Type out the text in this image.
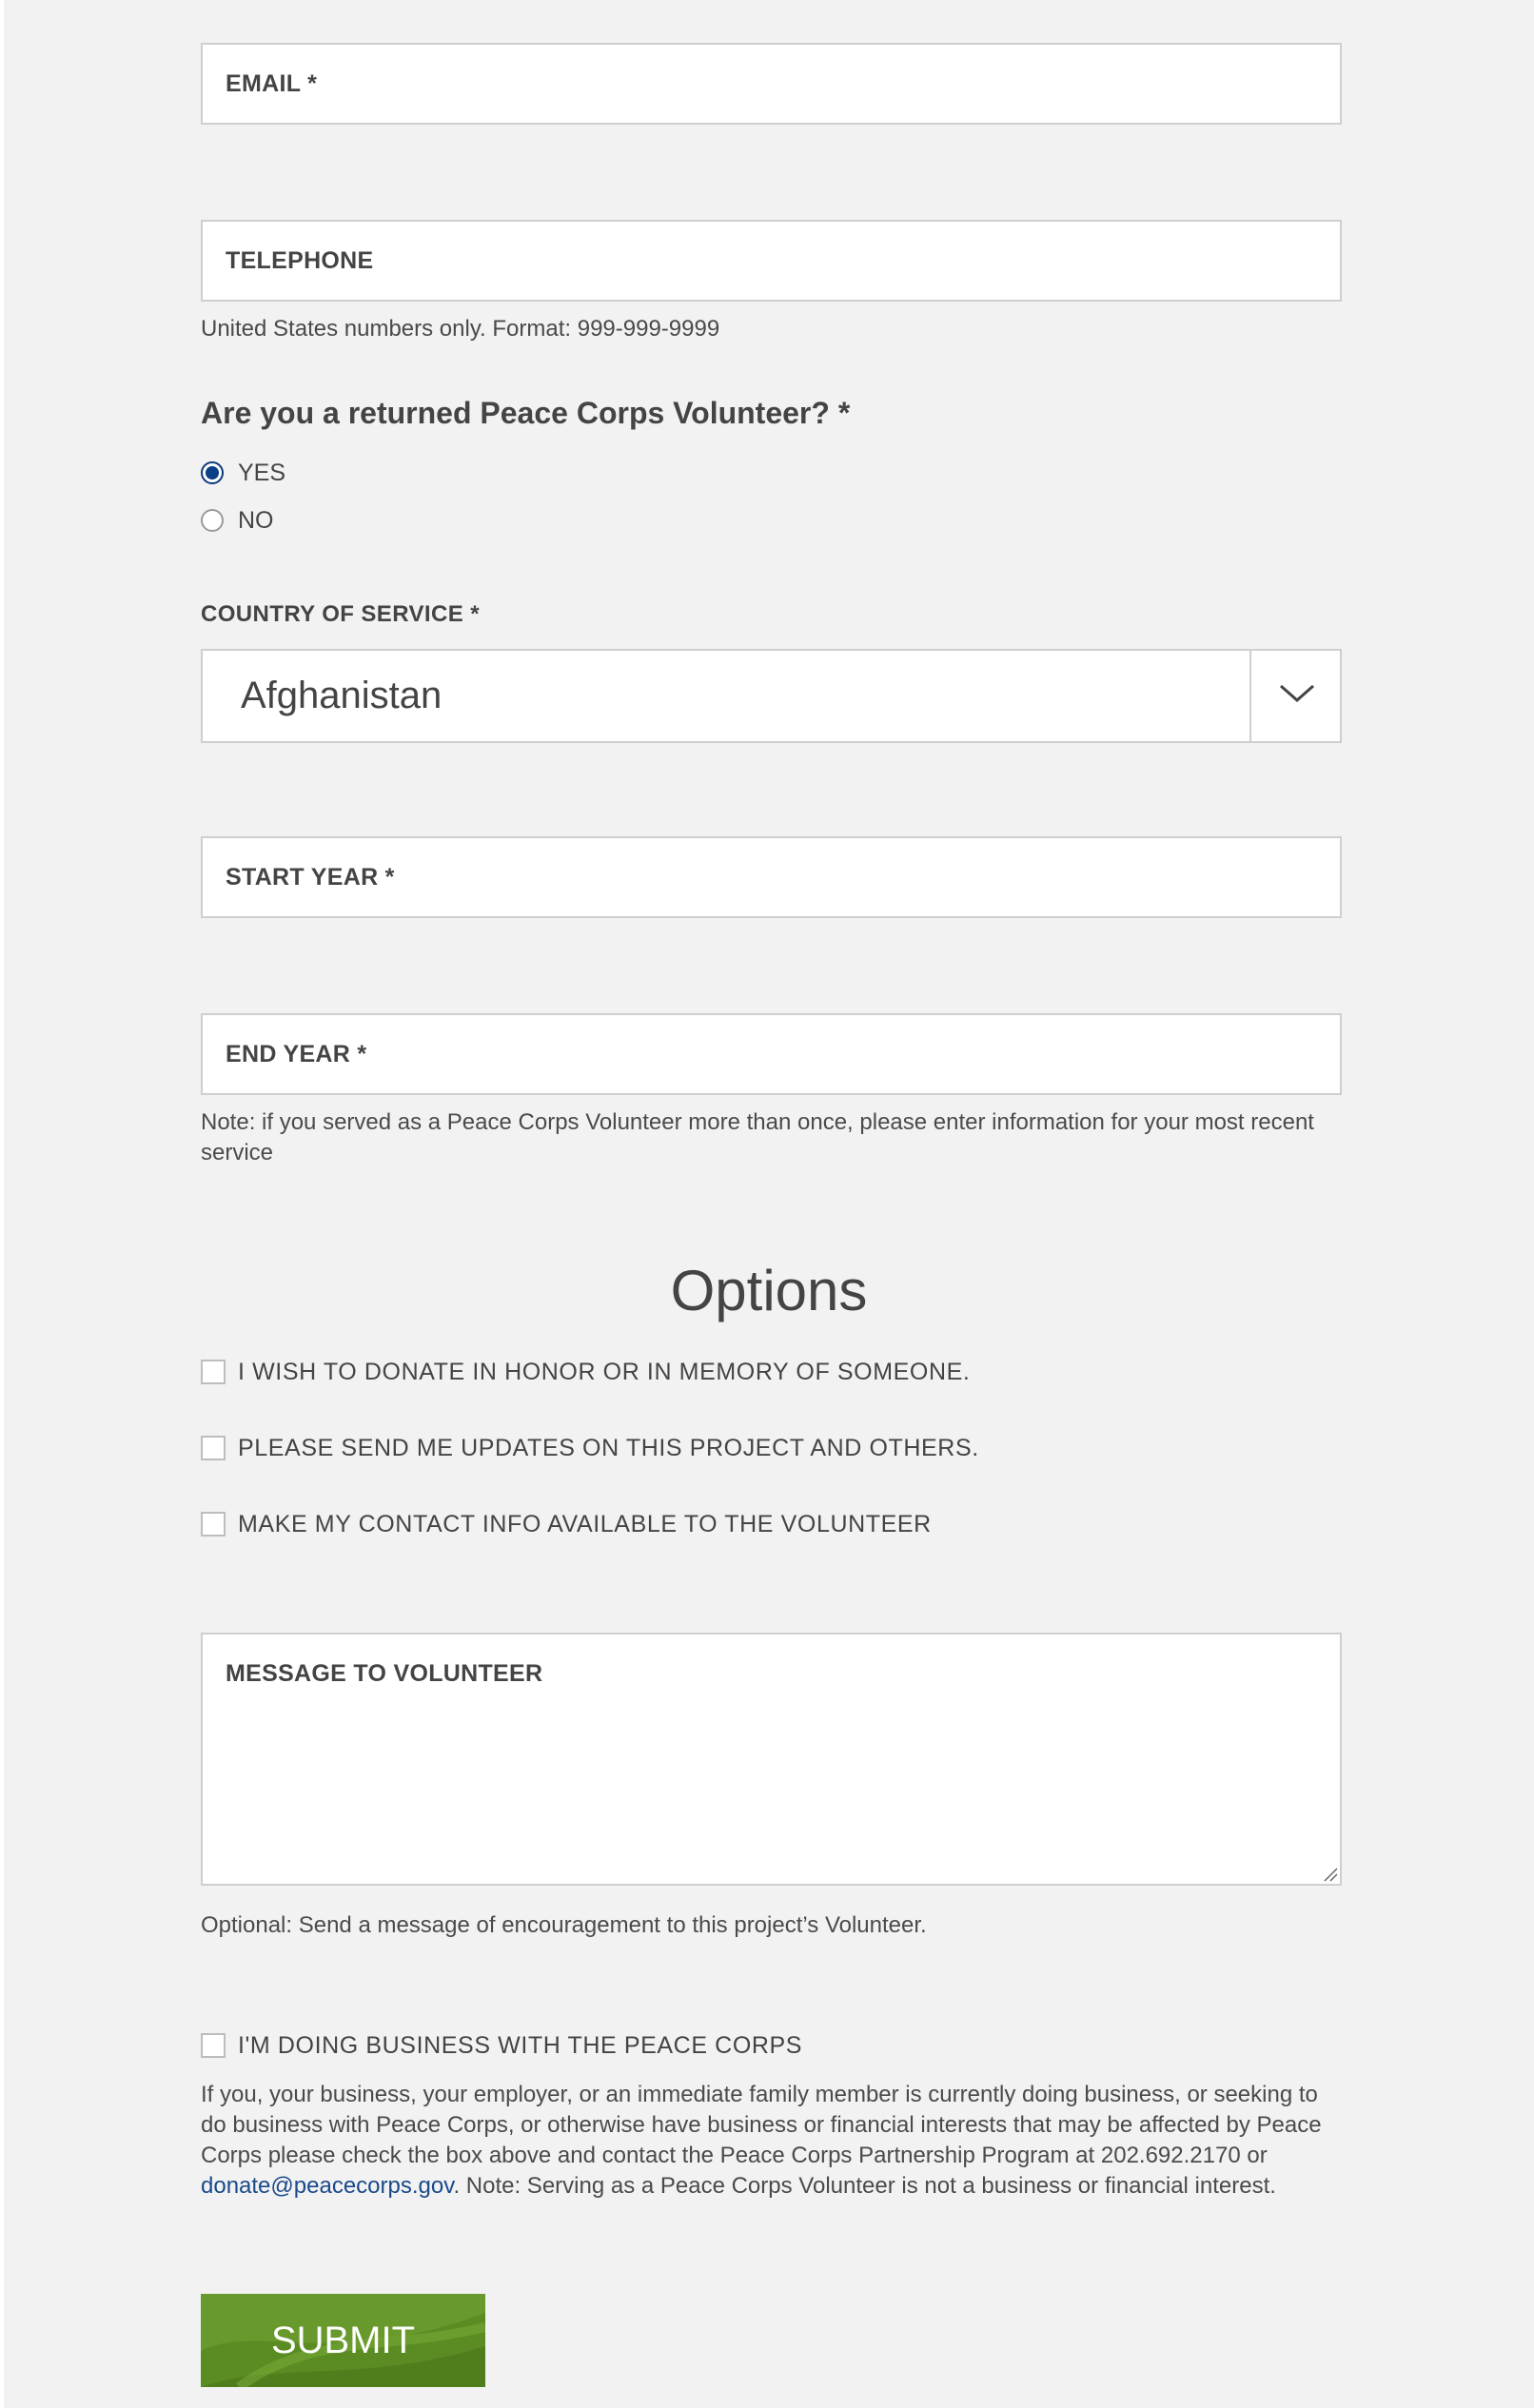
EMAIL *
TELEPHONE
United States numbers only. Format: 999-999-9999
Are you a returned Peace Corps Volunteer? *
YES
NO
COUNTRY OF SERVICE *
Afghanistan
START YEAR *
END YEAR *
Note: if you served as a Peace Corps Volunteer more than once, please enter information for your most recent
service
Options
I WISH TO DONATE IN HONOR OR IN MEMORY OF SOMEONE.
PLEASE SEND ME UPDATES ON THIS PROJECT AND OTHERS.
MAKE MY CONTACT INFO AVAILABLE TO THE VOLUNTEER
MESSAGE TO VOLUNTEER
Optional: Send a message of encouragement to this project’s Volunteer.
I'M DOING BUSINESS WITH THE PEACE CORPS
If you, your business, your employer, or an immediate family member is currently doing business, or seeking to
do business with Peace Corps, or otherwise have business or financial interests that may be affected by Peace
Corps please check the box above and contact the Peace Corps Partnership Program at 202.692.2170 or
donate@peacecorps.gov. Note: Serving as a Peace Corps Volunteer is not a business or financial interest.
SUBMIT
